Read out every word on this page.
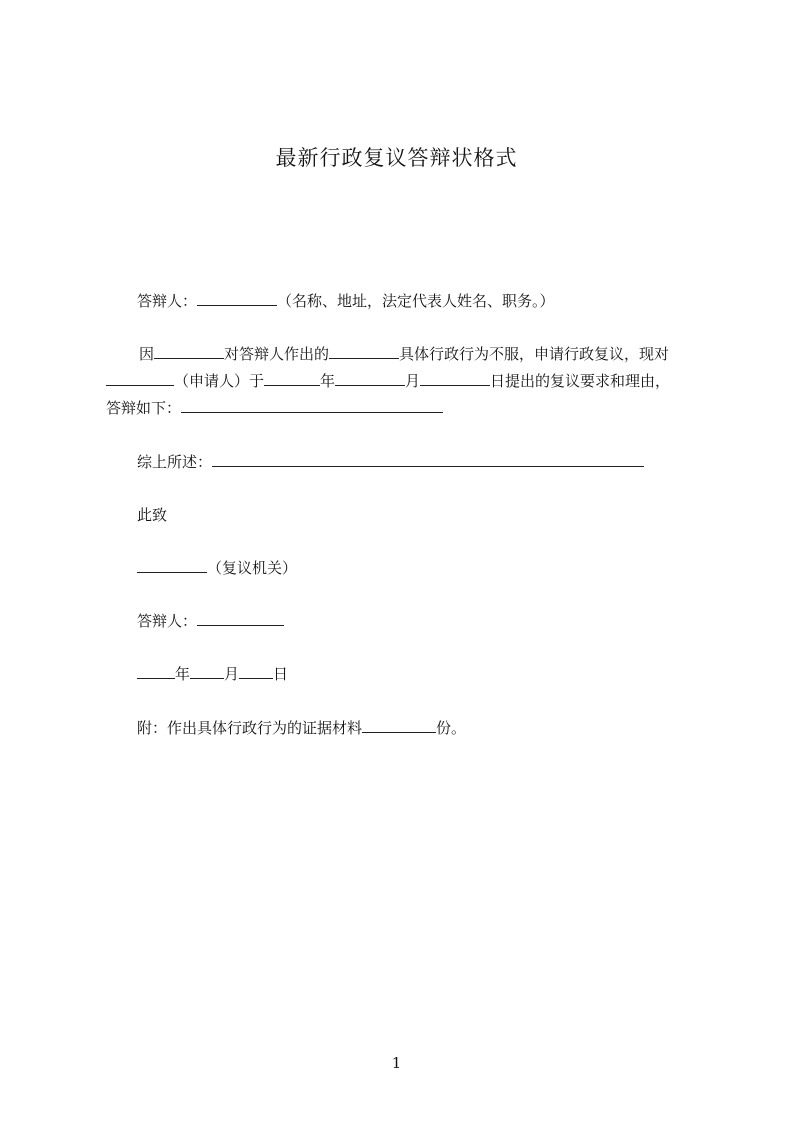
最新行政复议答辩状格式
答辩人：	（名称、地址，法定代表人姓名、职务。）
因	对答辩人作出的	具体行政行为不服，申请行政复议，现对
（申请人）于	年	月	日提出的复议要求和理由，
答辩如下：
综上所述：
此致
（复议机关）
答辩人：
年 月 日
附：作出具体行政行为的证据材料	份。
1
